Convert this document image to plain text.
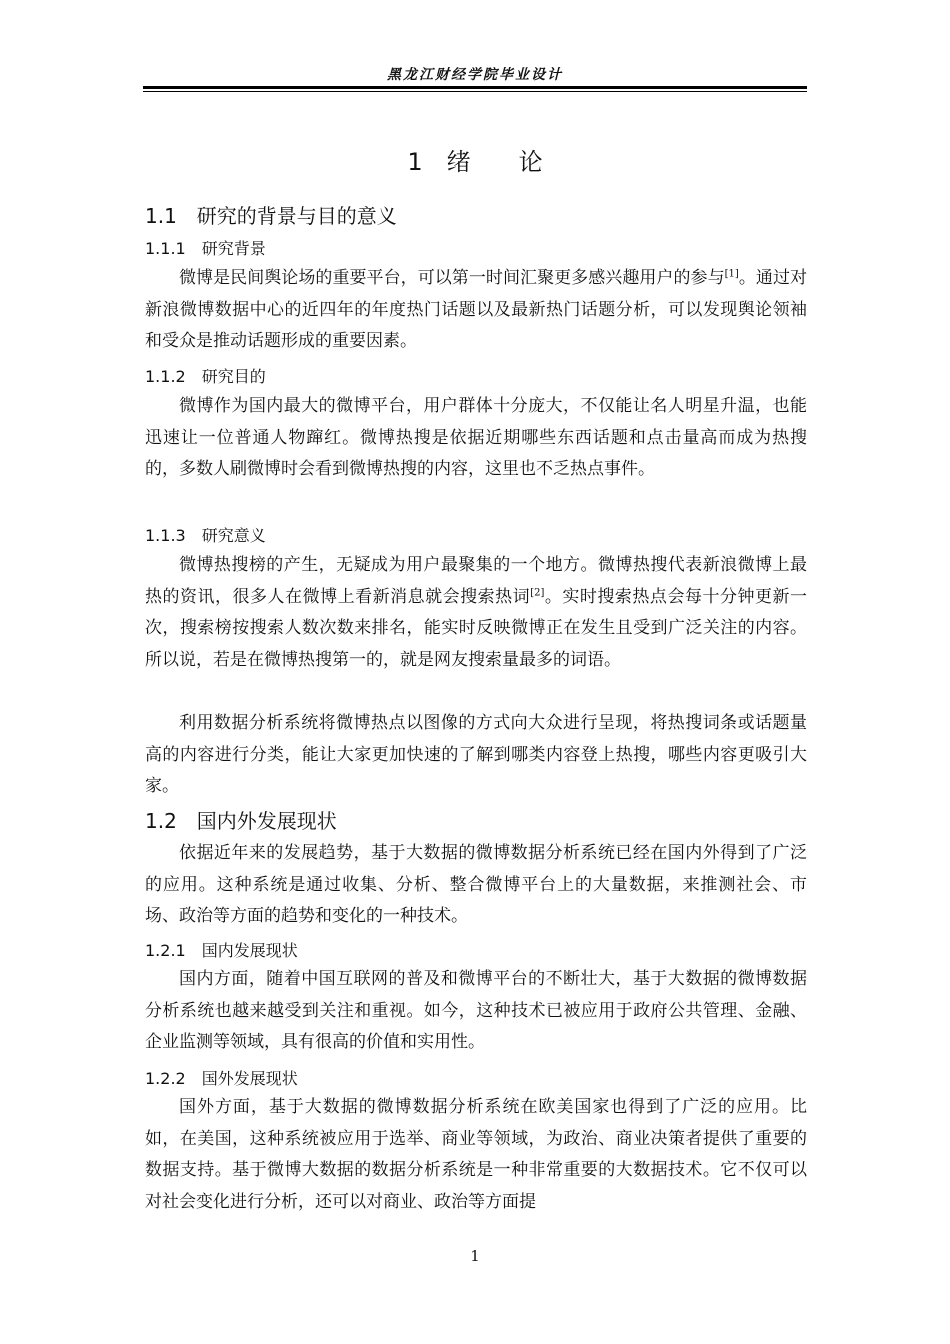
黑龙江财经学院毕业设计
1　绪　　论
1.1　研究的背景与目的意义
1.1.1　研究背景

微博是民间舆论场的重要平台，可以第一时间汇聚更多感兴趣用户的参与[1]。通过对新浪微博数据中心的近四年的年度热门话题以及最新热门话题分析，可以发现舆论领袖和受众是推动话题形成的重要因素。

1.1.2　研究目的

微博作为国内最大的微博平台，用户群体十分庞大，不仅能让名人明星升温，也能迅速让一位普通人物蹿红。微博热搜是依据近期哪些东西话题和点击量高而成为热搜的，多数人刷微博时会看到微博热搜的内容，这里也不乏热点事件。

1.1.3　研究意义

微博热搜榜的产生，无疑成为用户最聚集的一个地方。微博热搜代表新浪微博上最热的资讯，很多人在微博上看新消息就会搜索热词[2]。实时搜索热点会每十分钟更新一次，搜索榜按搜索人数次数来排名，能实时反映微博正在发生且受到广泛关注的内容。所以说，若是在微博热搜第一的，就是网友搜索量最多的词语。

利用数据分析系统将微博热点以图像的方式向大众进行呈现，将热搜词条或话题量高的内容进行分类，能让大家更加快速的了解到哪类内容登上热搜，哪些内容更吸引大家。

1.2　国内外发展现状

依据近年来的发展趋势，基于大数据的微博数据分析系统已经在国内外得到了广泛的应用。这种系统是通过收集、分析、整合微博平台上的大量数据，来推测社会、市场、政治等方面的趋势和变化的一种技术。

1.2.1　国内发展现状

国内方面，随着中国互联网的普及和微博平台的不断壮大，基于大数据的微博数据分析系统也越来越受到关注和重视。如今，这种技术已被应用于政府公共管理、金融、企业监测等领域，具有很高的价值和实用性。

1.2.2　国外发展现状

国外方面，基于大数据的微博数据分析系统在欧美国家也得到了广泛的应用。比如，在美国，这种系统被应用于选举、商业等领域，为政治、商业决策者提供了重要的数据支持。基于微博大数据的数据分析系统是一种非常重要的大数据技术。它不仅可以对社会变化进行分析，还可以对商业、政治等方面提

1
